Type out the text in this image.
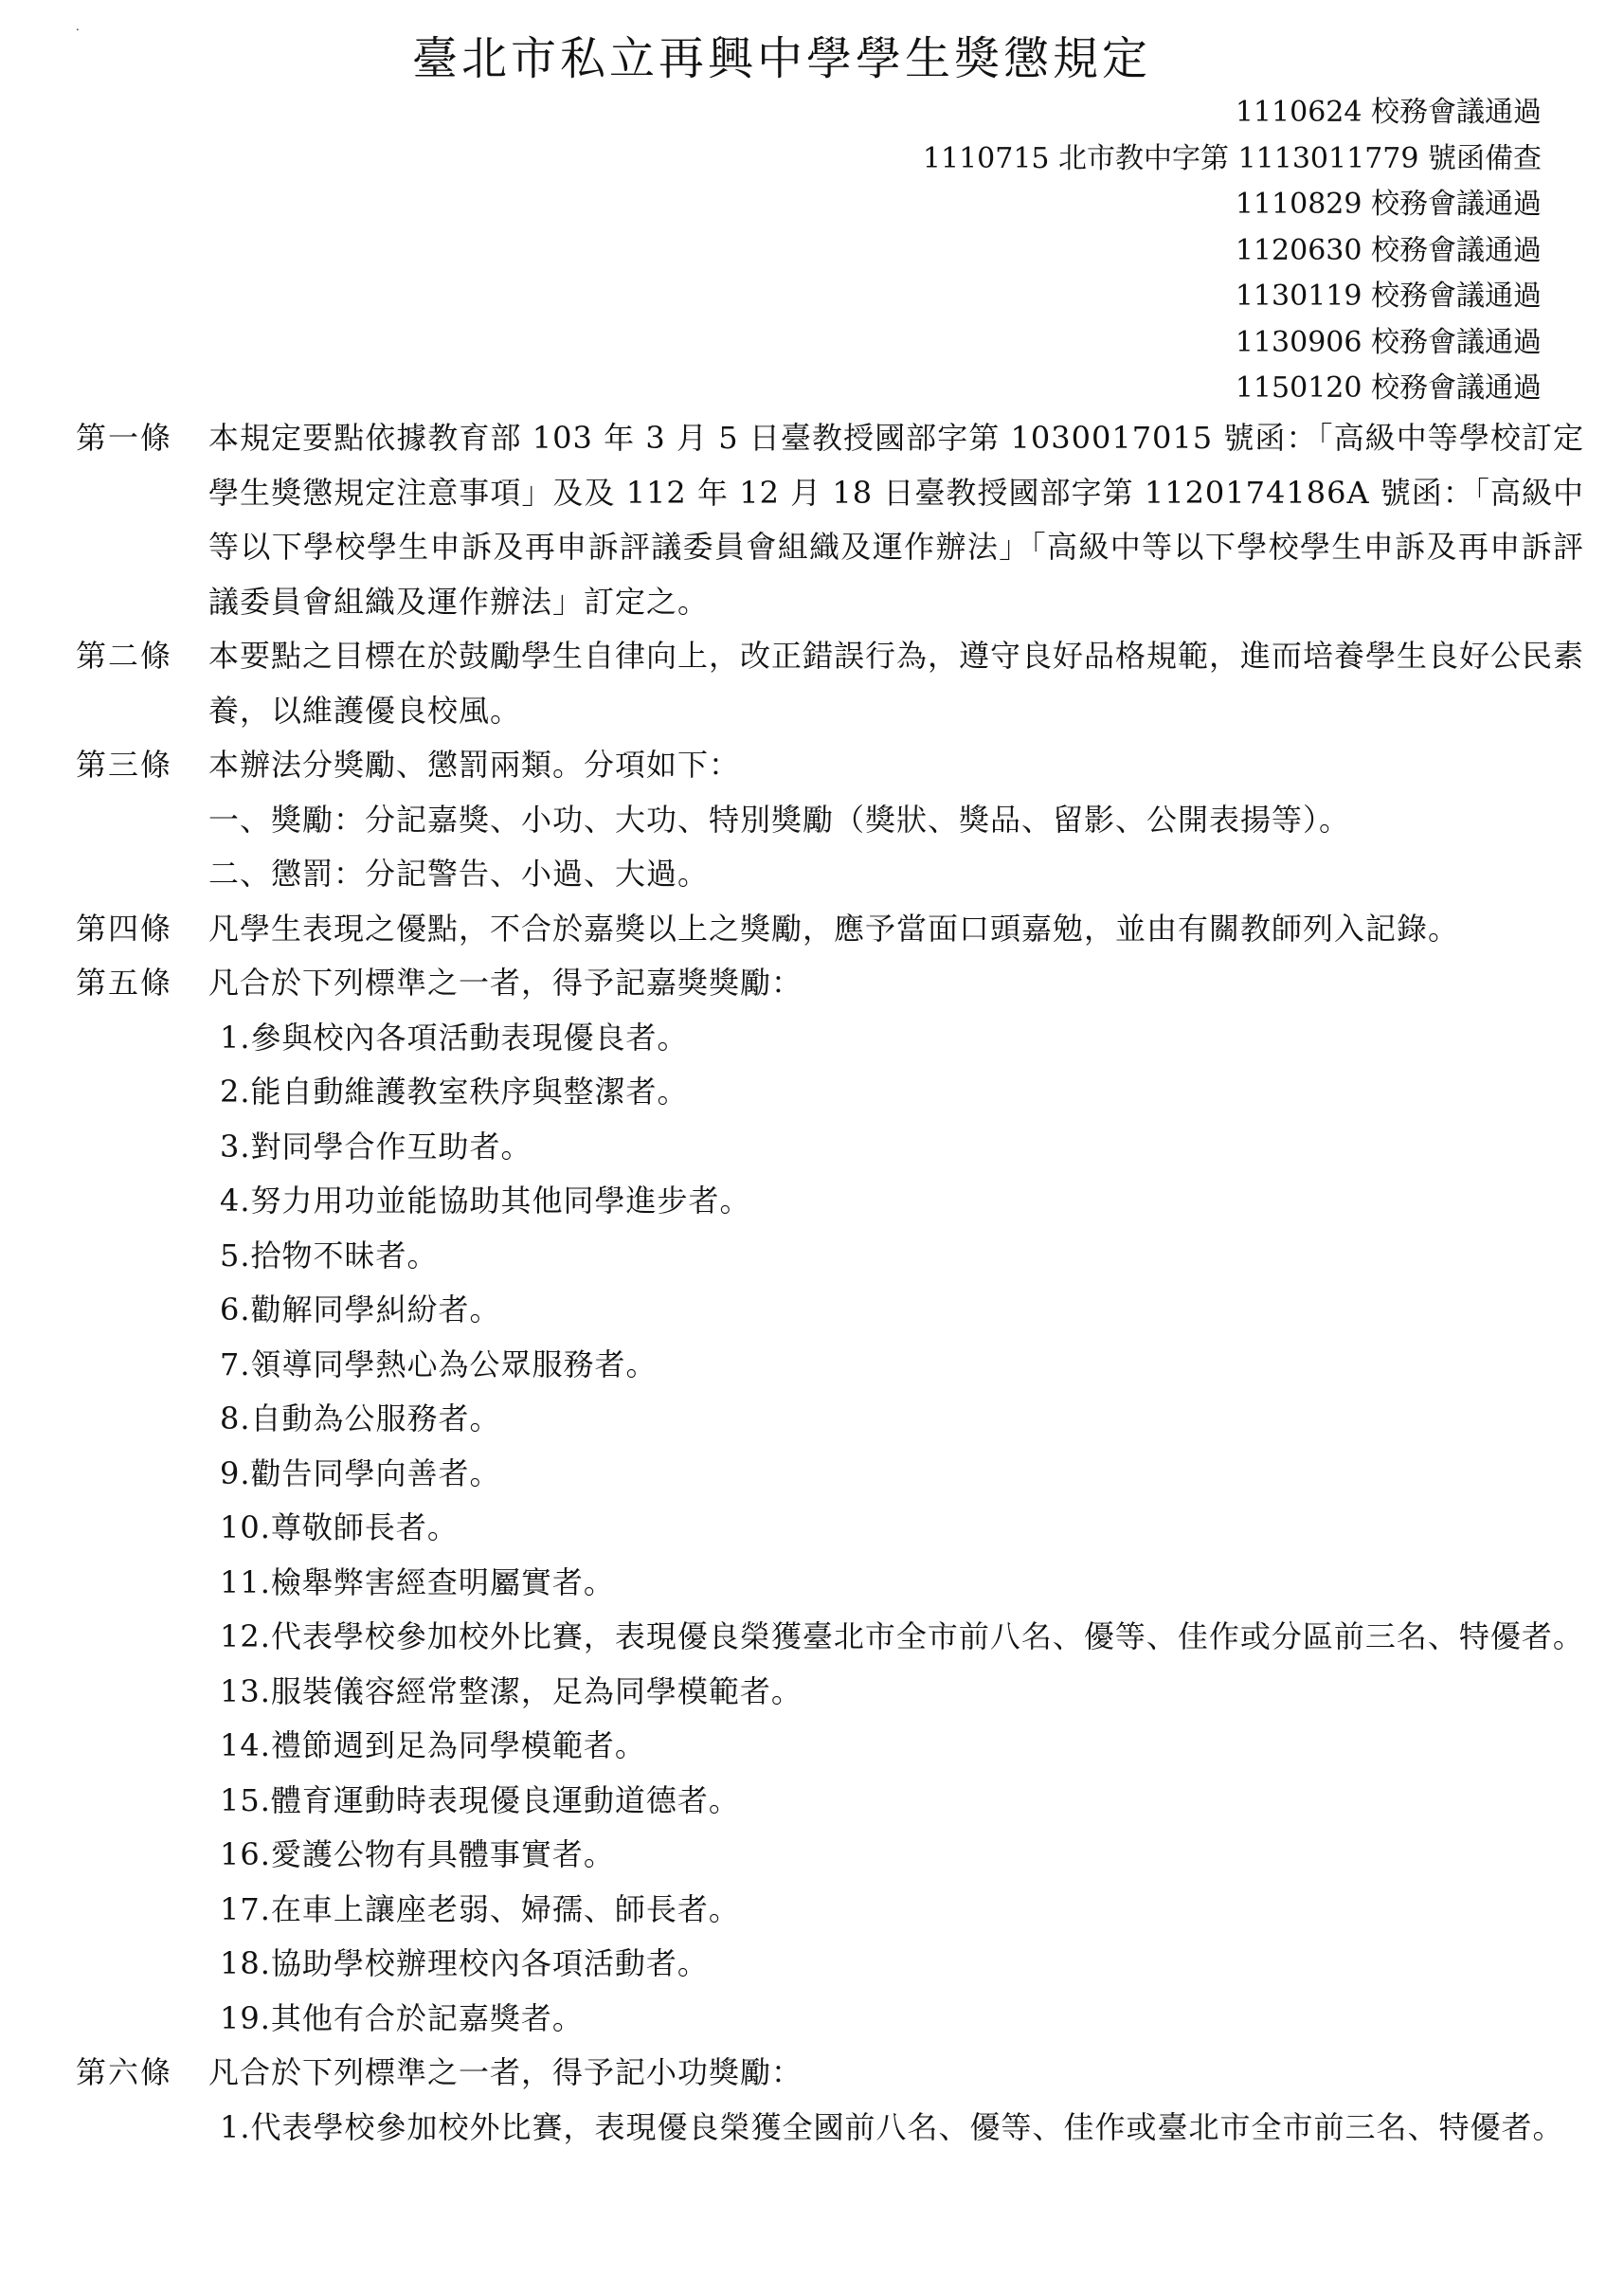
.
臺北市私立再興中學學生獎懲規定
1110624 校務會議通過
1110715 北市教中字第 1113011779 號函備查
1110829 校務會議通過
1120630 校務會議通過
1130119 校務會議通過
1130906 校務會議通過
1150120 校務會議通過
第一條	本規定要點依據教育部 103 年 3 月 5 日臺教授國部字第 1030017015 號函：「高級中等學校訂定學生獎懲規定注意事項」及及 112 年 12 月 18 日臺教授國部字第 1120174186A 號函：「高級中等以下學校學生申訴及再申訴評議委員會組織及運作辦法」「高級中等以下學校學生申訴及再申訴評議委員會組織及運作辦法」訂定之。
第二條	本要點之目標在於鼓勵學生自律向上，改正錯誤行為，遵守良好品格規範，進而培養學生良好公民素養，以維護優良校風。
第三條	本辦法分獎勵、懲罰兩類。分項如下：
一、獎勵：分記嘉獎、小功、大功、特別獎勵（獎狀、獎品、留影、公開表揚等）。
二、懲罰：分記警告、小過、大過。
第四條	凡學生表現之優點，不合於嘉獎以上之獎勵，應予當面口頭嘉勉，並由有關教師列入記錄。
第五條	凡合於下列標準之一者，得予記嘉獎獎勵：
1. 參與校內各項活動表現優良者。
2. 能自動維護教室秩序與整潔者。
3. 對同學合作互助者。
4. 努力用功並能協助其他同學進步者。
5. 拾物不昧者。
6. 勸解同學糾紛者。
7. 領導同學熱心為公眾服務者。
8. 自動為公服務者。
9. 勸告同學向善者。
10. 尊敬師長者。
11. 檢舉弊害經查明屬實者。
12. 代表學校參加校外比賽，表現優良榮獲臺北市全市前八名、優等、佳作或分區前三名、特優者。
13. 服裝儀容經常整潔，足為同學模範者。
14. 禮節週到足為同學模範者。
15. 體育運動時表現優良運動道德者。
16. 愛護公物有具體事實者。
17. 在車上讓座老弱、婦孺、師長者。
18. 協助學校辦理校內各項活動者。
19. 其他有合於記嘉獎者。
第六條	凡合於下列標準之一者，得予記小功獎勵：
1. 代表學校參加校外比賽，表現優良榮獲全國前八名、優等、佳作或臺北市全市前三名、特優者。
